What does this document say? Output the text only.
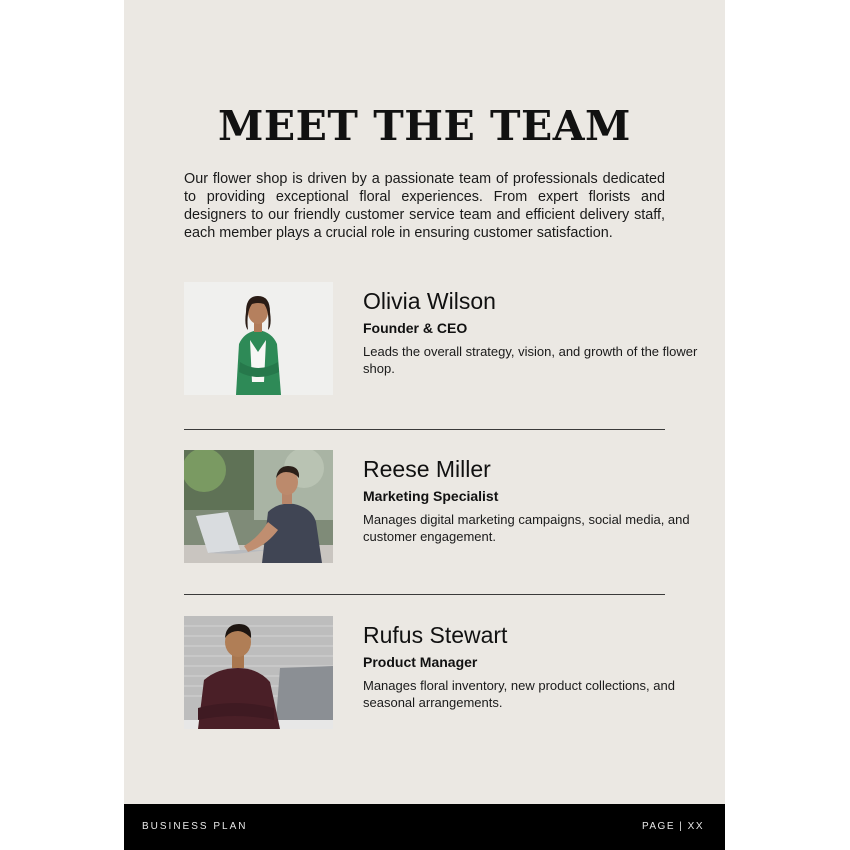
MEET THE TEAM
Our flower shop is driven by a passionate team of professionals dedicated to providing exceptional floral experiences. From expert florists and designers to our friendly customer service team and efficient delivery staff, each member plays a crucial role in ensuring customer satisfaction.
Olivia Wilson
Founder & CEO
Leads the overall strategy, vision, and growth of the flower shop.
Reese Miller
Marketing Specialist
Manages digital marketing campaigns, social media, and customer engagement.
Rufus Stewart
Product Manager
Manages floral inventory, new product collections, and seasonal arrangements.
BUSINESS PLAN	PAGE | XX
